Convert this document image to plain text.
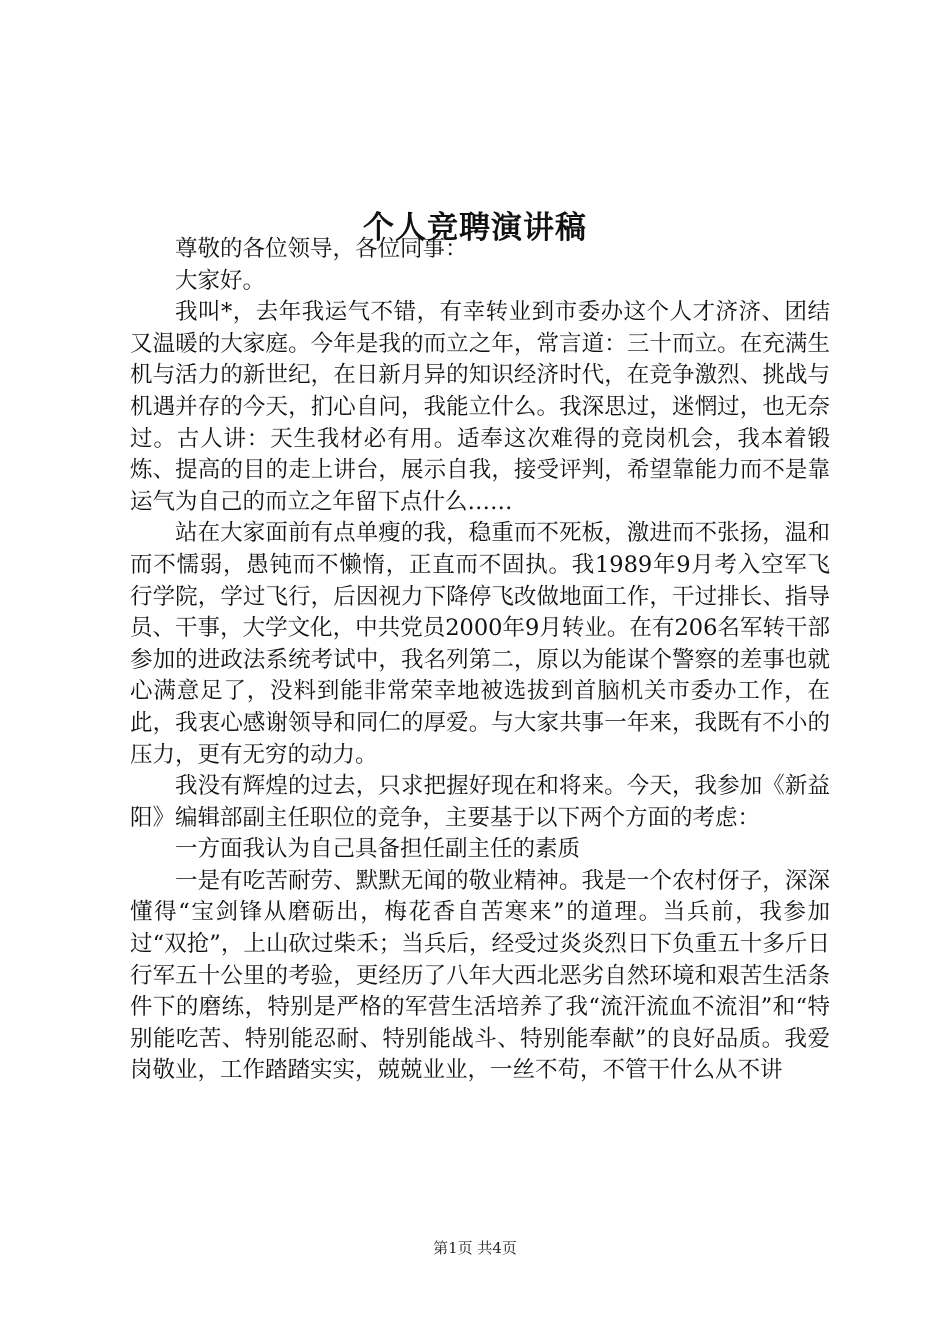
个人竞聘演讲稿

尊敬的各位领导，各位同事：

大家好。

我叫*，去年我运气不错，有幸转业到市委办这个人才济济、团结又温暖的大家庭。今年是我的而立之年，常言道：三十而立。在充满生机与活力的新世纪，在日新月异的知识经济时代，在竞争激烈、挑战与机遇并存的今天，扪心自问，我能立什么。我深思过，迷惘过，也无奈过。古人讲：天生我材必有用。适奉这次难得的竞岗机会，我本着锻炼、提高的目的走上讲台，展示自我，接受评判，希望靠能力而不是靠运气为自己的而立之年留下点什么……

站在大家面前有点单瘦的我，稳重而不死板，激进而不张扬，温和而不懦弱，愚钝而不懒惰，正直而不固执。我1989年9月考入空军飞行学院，学过飞行，后因视力下降停飞改做地面工作，干过排长、指导员、干事，大学文化，中共党员2000年9月转业。在有206名军转干部参加的进政法系统考试中，我名列第二，原以为能谋个警察的差事也就心满意足了，没料到能非常荣幸地被选拔到首脑机关市委办工作，在此，我衷心感谢领导和同仁的厚爱。与大家共事一年来，我既有不小的压力，更有无穷的动力。

我没有辉煌的过去，只求把握好现在和将来。今天，我参加《新益阳》编辑部副主任职位的竞争，主要基于以下两个方面的考虑：

一方面我认为自己具备担任副主任的素质

一是有吃苦耐劳、默默无闻的敬业精神。我是一个农村伢子，深深懂得“宝剑锋从磨砺出，梅花香自苦寒来”的道理。当兵前，我参加过“双抢”，上山砍过柴禾；当兵后，经受过炎炎烈日下负重五十多斤日行军五十公里的考验，更经历了八年大西北恶劣自然环境和艰苦生活条件下的磨练，特别是严格的军营生活培养了我“流汗流血不流泪”和“特别能吃苦、特别能忍耐、特别能战斗、特别能奉献”的良好品质。我爱岗敬业，工作踏踏实实，兢兢业业，一丝不苟，不管干什么从不讲

第1页 共4页
